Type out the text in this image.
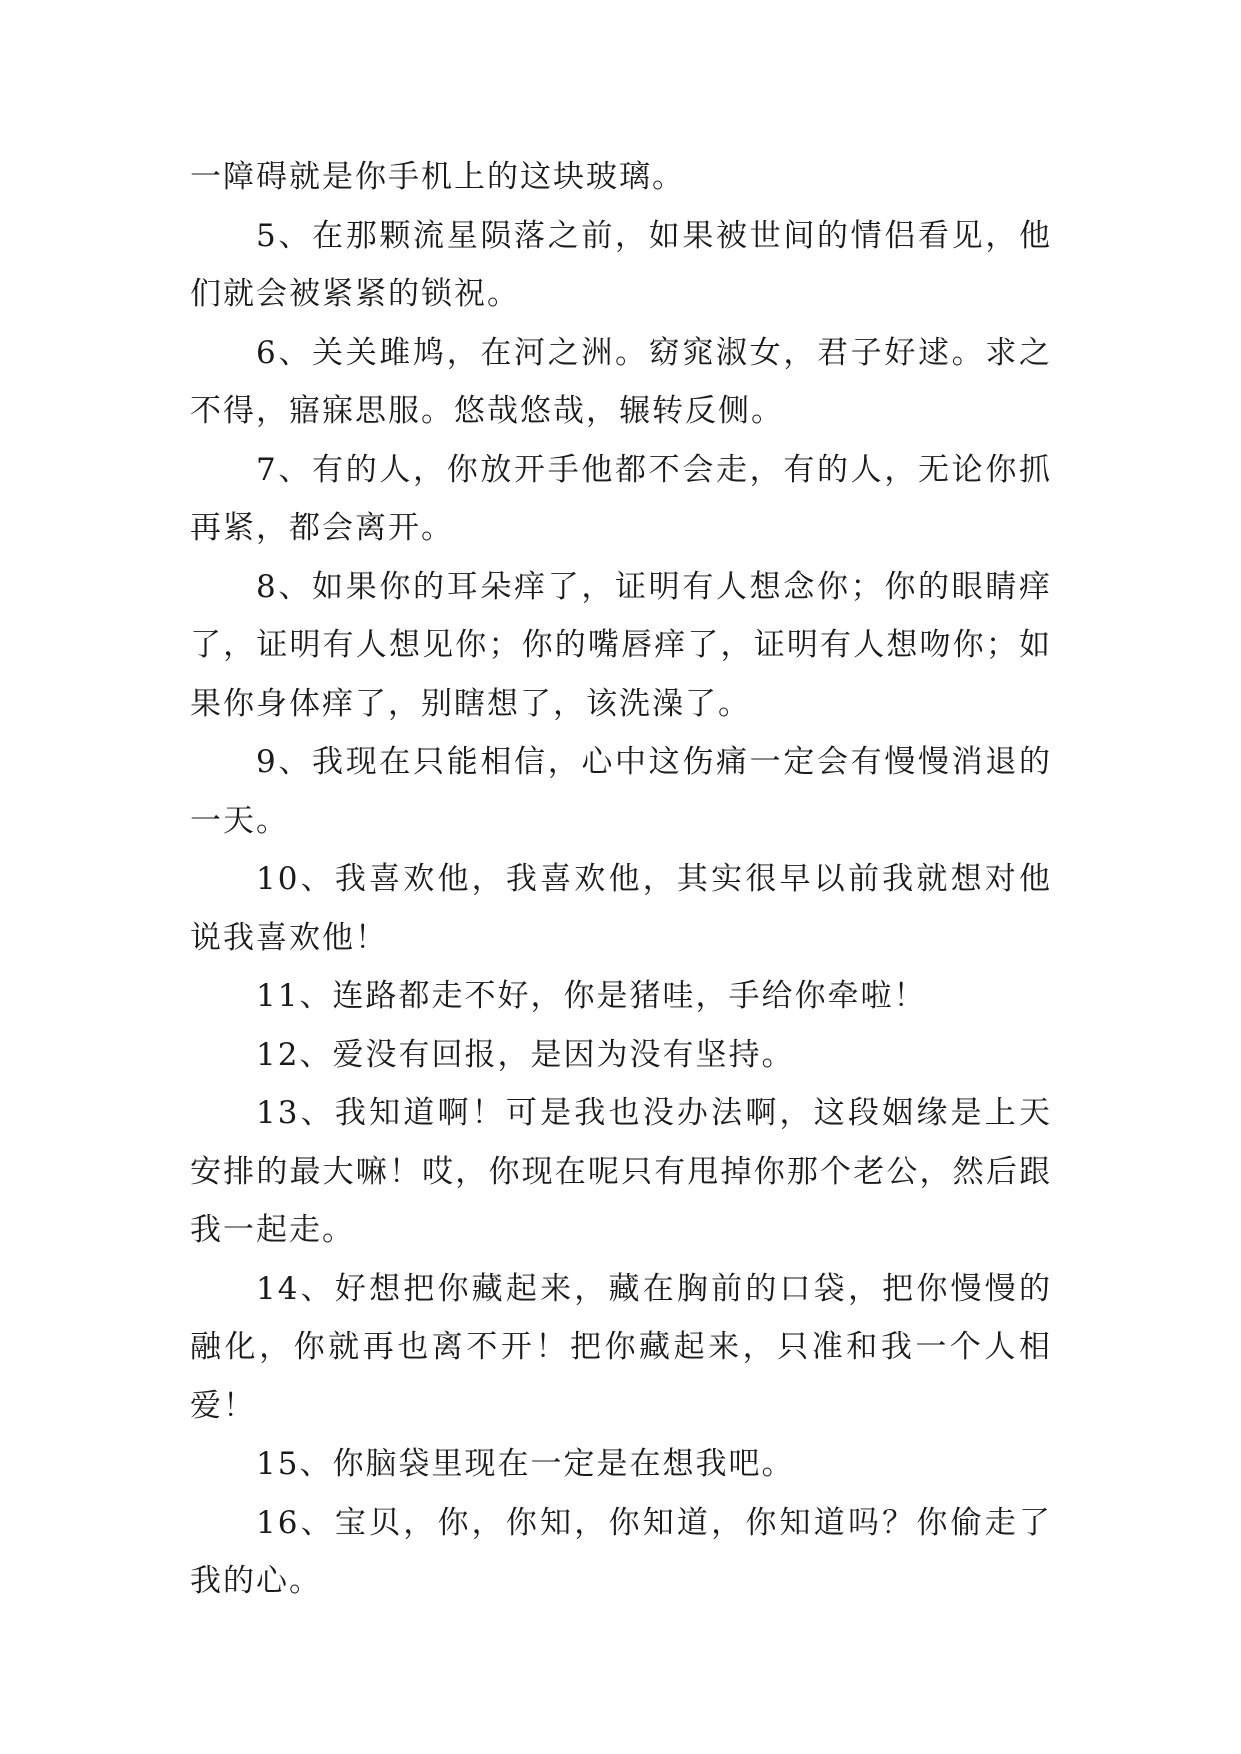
一障碍就是你手机上的这块玻璃。

5、在那颗流星陨落之前，如果被世间的情侣看见，他们就会被紧紧的锁祝。

6、关关雎鸠，在河之洲。窈窕淑女，君子好逑。求之不得，寤寐思服。悠哉悠哉，辗转反侧。

7、有的人，你放开手他都不会走，有的人，无论你抓再紧，都会离开。

8、如果你的耳朵痒了，证明有人想念你；你的眼睛痒了，证明有人想见你；你的嘴唇痒了，证明有人想吻你；如果你身体痒了，别瞎想了，该洗澡了。

9、我现在只能相信，心中这伤痛一定会有慢慢消退的一天。

10、我喜欢他，我喜欢他，其实很早以前我就想对他说我喜欢他！

11、连路都走不好，你是猪哇，手给你牵啦！

12、爱没有回报，是因为没有坚持。

13、我知道啊！可是我也没办法啊，这段姻缘是上天安排的最大嘛！哎，你现在呢只有甩掉你那个老公，然后跟我一起走。

14、好想把你藏起来，藏在胸前的口袋，把你慢慢的融化，你就再也离不开！把你藏起来，只准和我一个人相爱！

15、你脑袋里现在一定是在想我吧。

16、宝贝，你，你知，你知道，你知道吗？你偷走了我的心。
